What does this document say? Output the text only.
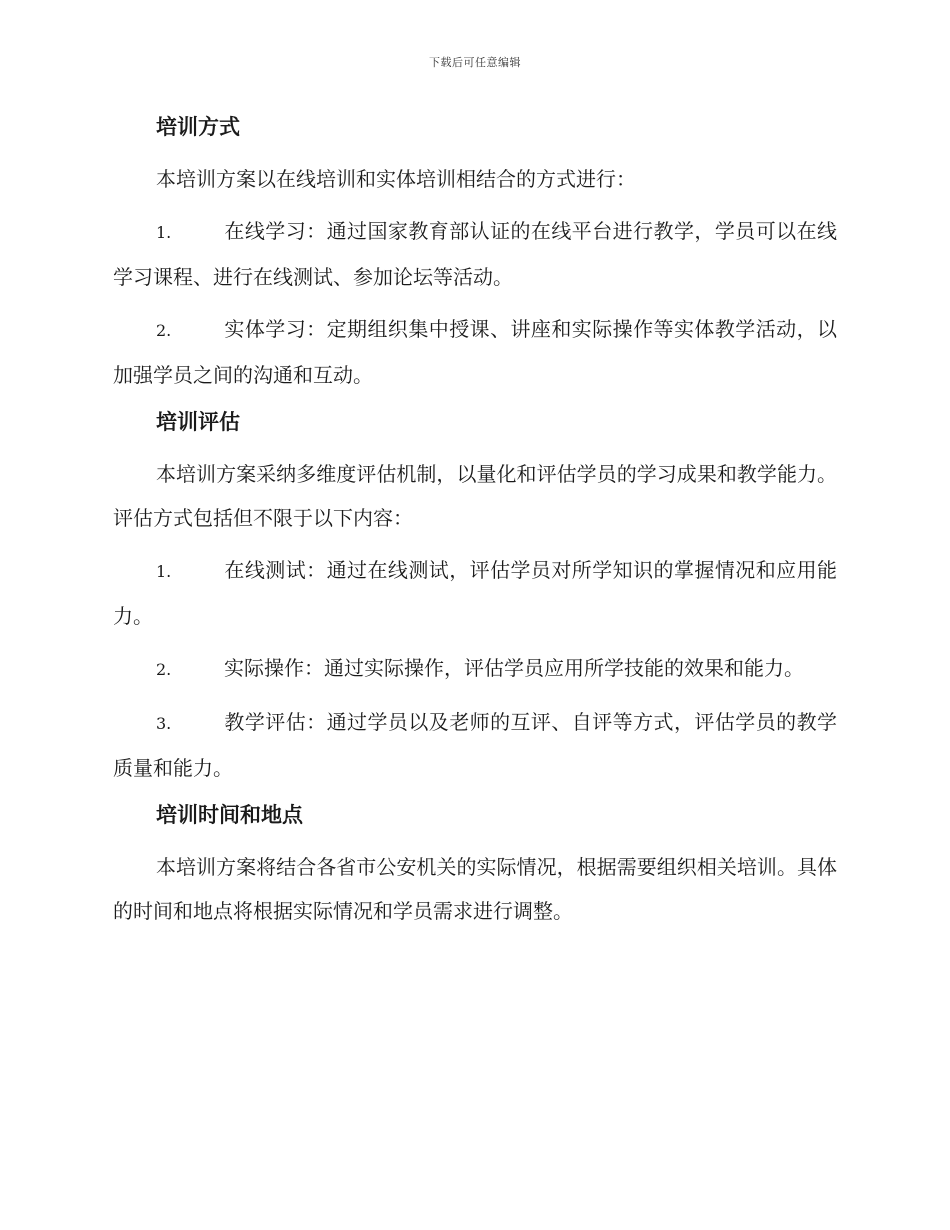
下载后可任意编辑
培训方式
本培训方案以在线培训和实体培训相结合的方式进行：
1.	在线学习：通过国家教育部认证的在线平台进行教学，学员可以在线学习课程、进行在线测试、参加论坛等活动。
2.	实体学习：定期组织集中授课、讲座和实际操作等实体教学活动，以加强学员之间的沟通和互动。
培训评估
本培训方案采纳多维度评估机制，以量化和评估学员的学习成果和教学能力。评估方式包括但不限于以下内容：
1.	在线测试：通过在线测试，评估学员对所学知识的掌握情况和应用能力。
2.	实际操作：通过实际操作，评估学员应用所学技能的效果和能力。
3.	教学评估：通过学员以及老师的互评、自评等方式，评估学员的教学质量和能力。
培训时间和地点
本培训方案将结合各省市公安机关的实际情况，根据需要组织相关培训。具体的时间和地点将根据实际情况和学员需求进行调整。
